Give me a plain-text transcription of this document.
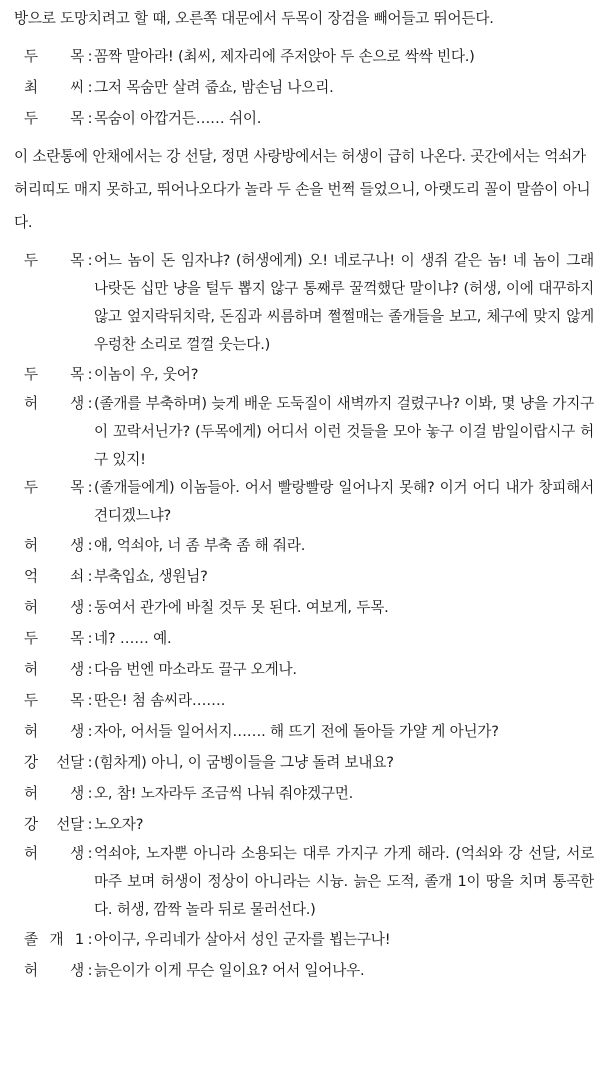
방으로 도망치려고 할 때, 오른쪽 대문에서 두목이 장검을 빼어들고 뛰어든다.
두 목 : 꼼짝 말아라! (최씨, 제자리에 주저앉아 두 손으로 싹싹 빈다.)
최 씨 : 그저 목숨만 살려 줍쇼, 밤손님 나으리.
두 목 : 목숨이 아깝거든…… 쉬이.
이 소란통에 안채에서는 강 선달, 정면 사랑방에서는 허생이 급히 나온다. 곳간에서는 억쇠가 허리띠도 매지 못하고, 뛰어나오다가 놀라 두 손을 번쩍 들었으니, 아랫도리 꼴이 말씀이 아니다.
두 목 : 어느 놈이 돈 임자냐? (허생에게) 오! 네로구나! 이 생쥐 같은 놈! 네 놈이 그래 나랏돈 십만 냥을 털두 뽑지 않구 통째루 꿀꺽했단 말이냐? (허생, 이에 대꾸하지 않고 엎지락뒤치락, 돈짐과 씨름하며 쩔쩔매는 졸개들을 보고, 체구에 맞지 않게 우렁찬 소리로 껄껄 웃는다.)
두 목 : 이놈이 우, 웃어?
허 생 : (졸개를 부축하며) 늦게 배운 도둑질이 새벽까지 걸렸구나? 이봐, 몇 냥을 가지구 이 꼬락서닌가? (두목에게) 어디서 이런 것들을 모아 놓구 이걸 밤일이랍시구 허구 있지!
두 목 : (졸개들에게) 이놈들아. 어서 빨랑빨랑 일어나지 못해? 이거 어디 내가 창피해서 견디겠느냐?
허 생 : 얘, 억쇠야, 너 좀 부축 좀 해 줘라.
억 쇠 : 부축입쇼, 생원님?
허 생 : 동여서 관가에 바칠 것두 못 된다. 여보게, 두목.
두 목 : 네? …… 예.
허 생 : 다음 번엔 마소라도 끌구 오게나.
두 목 : 딴은! 첨 솜씨라…….
허 생 : 자아, 어서들 일어서지……. 해 뜨기 전에 돌아들 가얄 게 아닌가?
강 선달 : (힘차게) 아니, 이 굼벵이들을 그냥 돌려 보내요?
허 생 : 오, 참! 노자라두 조금씩 나눠 줘야겠구먼.
강 선달 : 노오자?
허 생 : 억쇠야, 노자뿐 아니라 소용되는 대루 가지구 가게 해라. (억쇠와 강 선달, 서로 마주 보며 허생이 정상이 아니라는 시늉. 늙은 도적, 졸개 1이 땅을 치며 통곡한다. 허생, 깜짝 놀라 뒤로 물러선다.)
졸 개 1 : 아이구, 우리네가 살아서 성인 군자를 뵙는구나!
허 생 : 늙은이가 이게 무슨 일이요? 어서 일어나우.
